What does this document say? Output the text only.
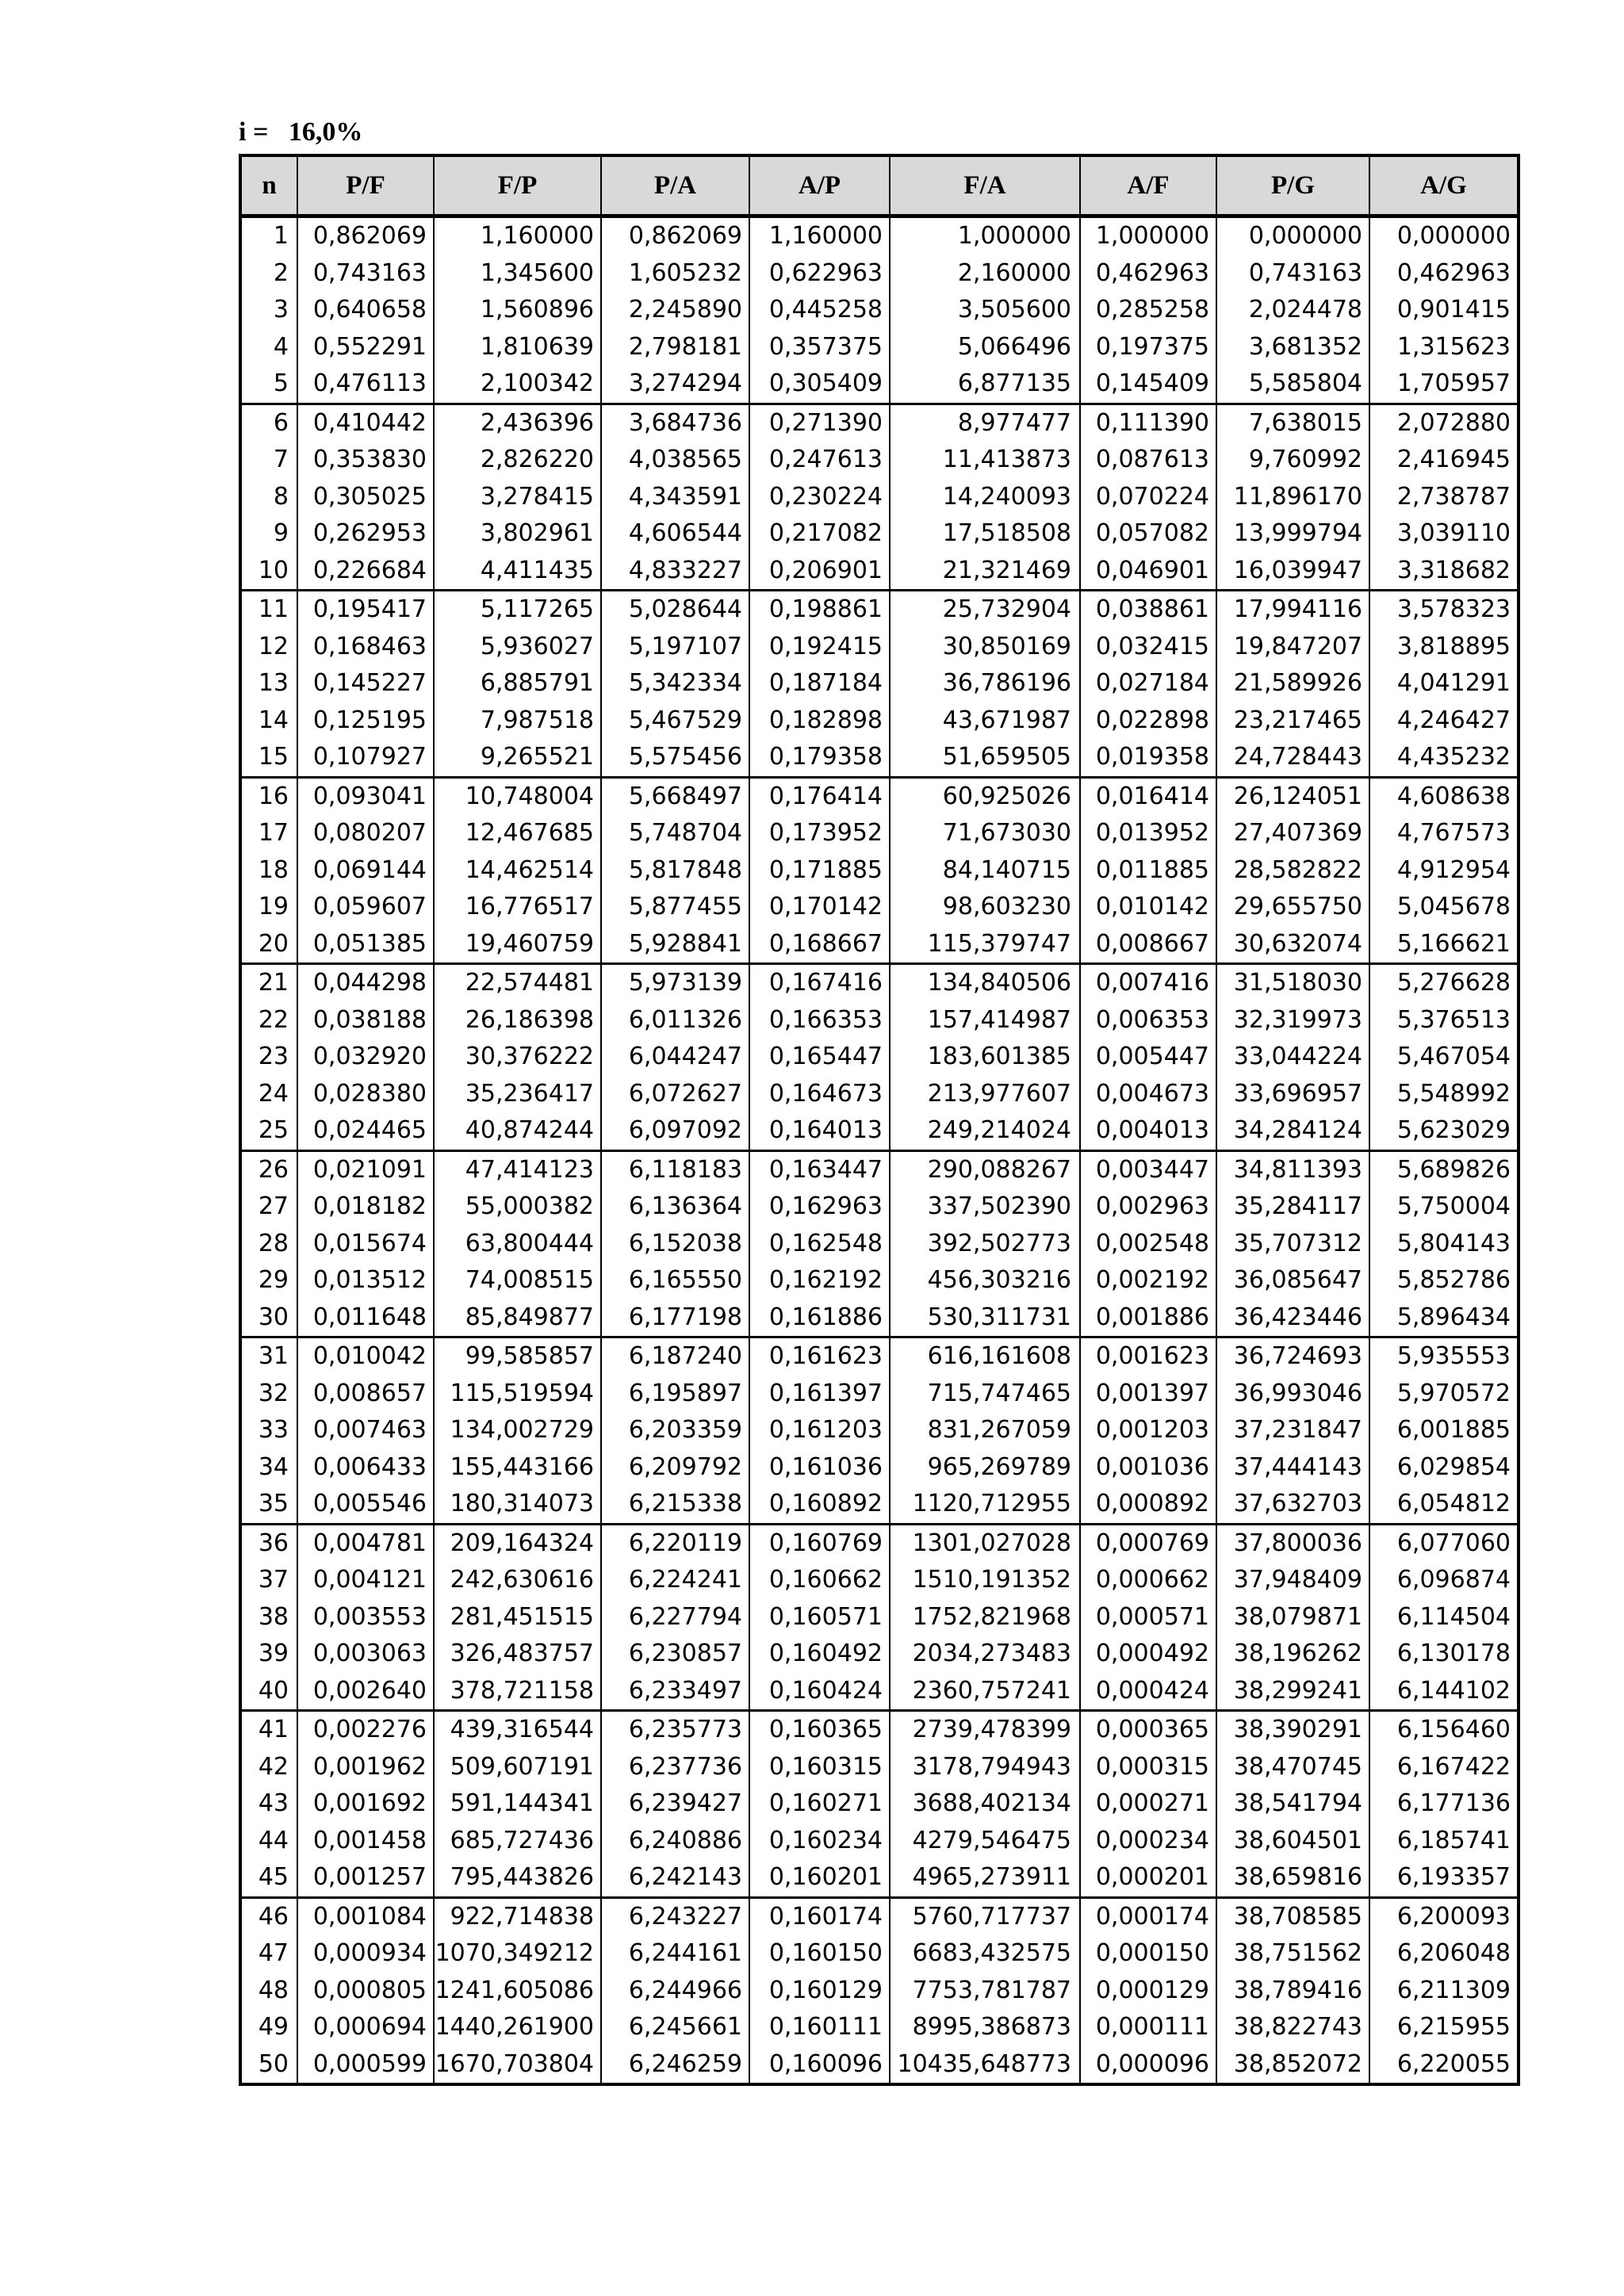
i = 16,0%
n	P/F	F/P	P/A	A/P	F/A	A/F	P/G	A/G
1	0,862069	1,160000	0,862069	1,160000	1,000000	1,000000	0,000000	0,000000
2	0,743163	1,345600	1,605232	0,622963	2,160000	0,462963	0,743163	0,462963
3	0,640658	1,560896	2,245890	0,445258	3,505600	0,285258	2,024478	0,901415
4	0,552291	1,810639	2,798181	0,357375	5,066496	0,197375	3,681352	1,315623
5	0,476113	2,100342	3,274294	0,305409	6,877135	0,145409	5,585804	1,705957
6	0,410442	2,436396	3,684736	0,271390	8,977477	0,111390	7,638015	2,072880
7	0,353830	2,826220	4,038565	0,247613	11,413873	0,087613	9,760992	2,416945
8	0,305025	3,278415	4,343591	0,230224	14,240093	0,070224	11,896170	2,738787
9	0,262953	3,802961	4,606544	0,217082	17,518508	0,057082	13,999794	3,039110
10	0,226684	4,411435	4,833227	0,206901	21,321469	0,046901	16,039947	3,318682
11	0,195417	5,117265	5,028644	0,198861	25,732904	0,038861	17,994116	3,578323
12	0,168463	5,936027	5,197107	0,192415	30,850169	0,032415	19,847207	3,818895
13	0,145227	6,885791	5,342334	0,187184	36,786196	0,027184	21,589926	4,041291
14	0,125195	7,987518	5,467529	0,182898	43,671987	0,022898	23,217465	4,246427
15	0,107927	9,265521	5,575456	0,179358	51,659505	0,019358	24,728443	4,435232
16	0,093041	10,748004	5,668497	0,176414	60,925026	0,016414	26,124051	4,608638
17	0,080207	12,467685	5,748704	0,173952	71,673030	0,013952	27,407369	4,767573
18	0,069144	14,462514	5,817848	0,171885	84,140715	0,011885	28,582822	4,912954
19	0,059607	16,776517	5,877455	0,170142	98,603230	0,010142	29,655750	5,045678
20	0,051385	19,460759	5,928841	0,168667	115,379747	0,008667	30,632074	5,166621
21	0,044298	22,574481	5,973139	0,167416	134,840506	0,007416	31,518030	5,276628
22	0,038188	26,186398	6,011326	0,166353	157,414987	0,006353	32,319973	5,376513
23	0,032920	30,376222	6,044247	0,165447	183,601385	0,005447	33,044224	5,467054
24	0,028380	35,236417	6,072627	0,164673	213,977607	0,004673	33,696957	5,548992
25	0,024465	40,874244	6,097092	0,164013	249,214024	0,004013	34,284124	5,623029
26	0,021091	47,414123	6,118183	0,163447	290,088267	0,003447	34,811393	5,689826
27	0,018182	55,000382	6,136364	0,162963	337,502390	0,002963	35,284117	5,750004
28	0,015674	63,800444	6,152038	0,162548	392,502773	0,002548	35,707312	5,804143
29	0,013512	74,008515	6,165550	0,162192	456,303216	0,002192	36,085647	5,852786
30	0,011648	85,849877	6,177198	0,161886	530,311731	0,001886	36,423446	5,896434
31	0,010042	99,585857	6,187240	0,161623	616,161608	0,001623	36,724693	5,935553
32	0,008657	115,519594	6,195897	0,161397	715,747465	0,001397	36,993046	5,970572
33	0,007463	134,002729	6,203359	0,161203	831,267059	0,001203	37,231847	6,001885
34	0,006433	155,443166	6,209792	0,161036	965,269789	0,001036	37,444143	6,029854
35	0,005546	180,314073	6,215338	0,160892	1120,712955	0,000892	37,632703	6,054812
36	0,004781	209,164324	6,220119	0,160769	1301,027028	0,000769	37,800036	6,077060
37	0,004121	242,630616	6,224241	0,160662	1510,191352	0,000662	37,948409	6,096874
38	0,003553	281,451515	6,227794	0,160571	1752,821968	0,000571	38,079871	6,114504
39	0,003063	326,483757	6,230857	0,160492	2034,273483	0,000492	38,196262	6,130178
40	0,002640	378,721158	6,233497	0,160424	2360,757241	0,000424	38,299241	6,144102
41	0,002276	439,316544	6,235773	0,160365	2739,478399	0,000365	38,390291	6,156460
42	0,001962	509,607191	6,237736	0,160315	3178,794943	0,000315	38,470745	6,167422
43	0,001692	591,144341	6,239427	0,160271	3688,402134	0,000271	38,541794	6,177136
44	0,001458	685,727436	6,240886	0,160234	4279,546475	0,000234	38,604501	6,185741
45	0,001257	795,443826	6,242143	0,160201	4965,273911	0,000201	38,659816	6,193357
46	0,001084	922,714838	6,243227	0,160174	5760,717737	0,000174	38,708585	6,200093
47	0,000934	1070,349212	6,244161	0,160150	6683,432575	0,000150	38,751562	6,206048
48	0,000805	1241,605086	6,244966	0,160129	7753,781787	0,000129	38,789416	6,211309
49	0,000694	1440,261900	6,245661	0,160111	8995,386873	0,000111	38,822743	6,215955
50	0,000599	1670,703804	6,246259	0,160096	10435,648773	0,000096	38,852072	6,220055
